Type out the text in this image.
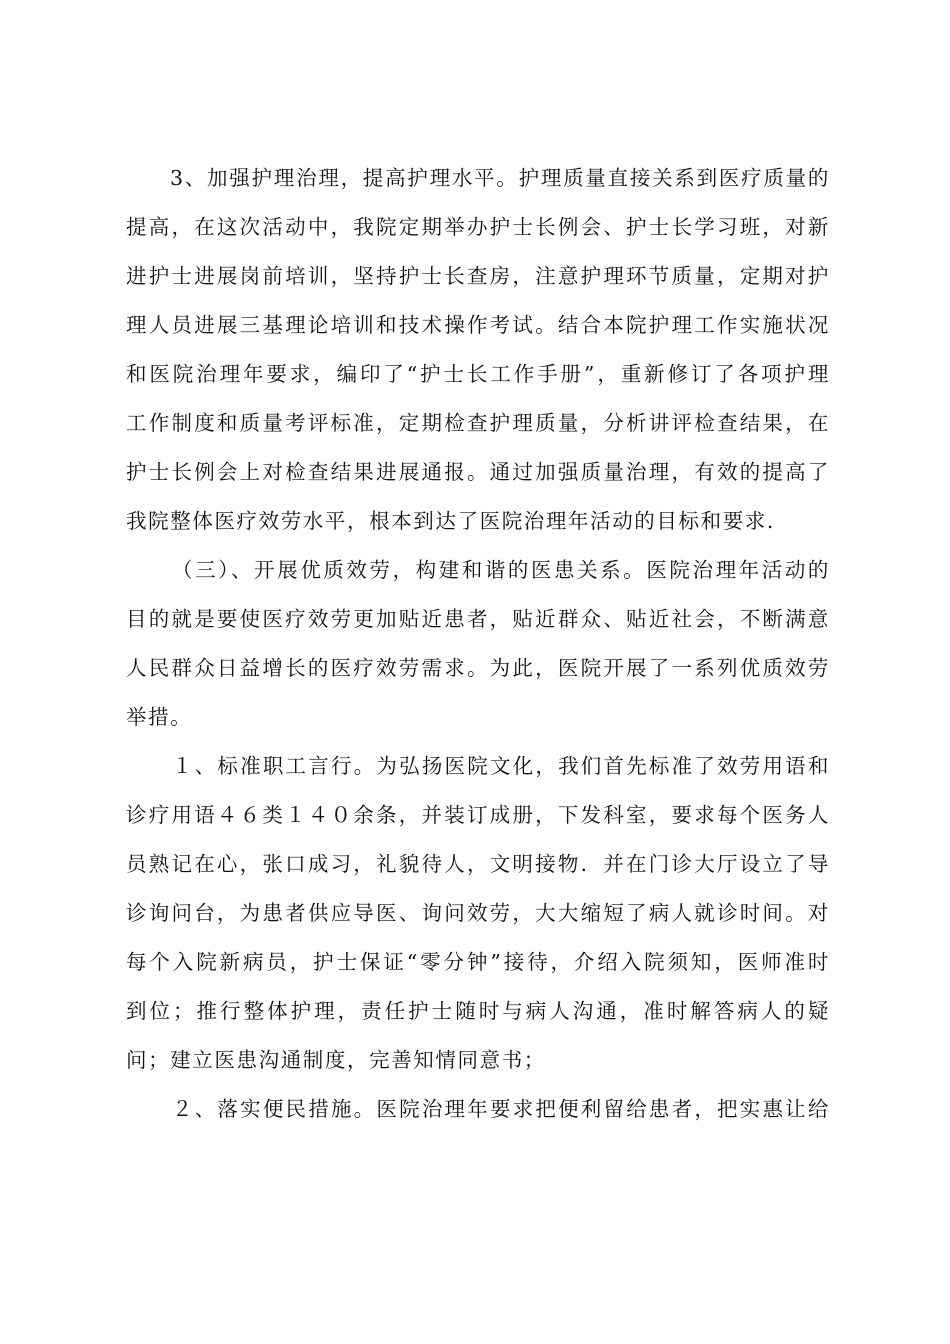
3、加强护理治理，提高护理水平。护理质量直接关系到医疗质量的
提高，在这次活动中，我院定期举办护士长例会、护士长学习班，对新
进护士进展岗前培训，坚持护士长查房，注意护理环节质量，定期对护
理人员进展三基理论培训和技术操作考试。结合本院护理工作实施状况
和医院治理年要求，编印了“护士长工作手册”，重新修订了各项护理
工作制度和质量考评标准，定期检查护理质量，分析讲评检查结果，在
护士长例会上对检查结果进展通报。通过加强质量治理，有效的提高了
我院整体医疗效劳水平，根本到达了医院治理年活动的目标和要求.
（三）、开展优质效劳，构建和谐的医患关系。医院治理年活动的
目的就是要使医疗效劳更加贴近患者，贴近群众、贴近社会，不断满意
人民群众日益增长的医疗效劳需求。为此，医院开展了一系列优质效劳
举措。
１、标准职工言行。为弘扬医院文化，我们首先标准了效劳用语和
诊疗用语４６类１４０余条，并装订成册，下发科室，要求每个医务人
员熟记在心，张口成习，礼貌待人，文明接物．并在门诊大厅设立了导
诊询问台，为患者供应导医、询问效劳，大大缩短了病人就诊时间。对
每个入院新病员，护士保证“零分钟”接待，介绍入院须知，医师准时
到位；推行整体护理，责任护士随时与病人沟通，准时解答病人的疑
问；建立医患沟通制度，完善知情同意书；
２、落实便民措施。医院治理年要求把便利留给患者，把实惠让给
